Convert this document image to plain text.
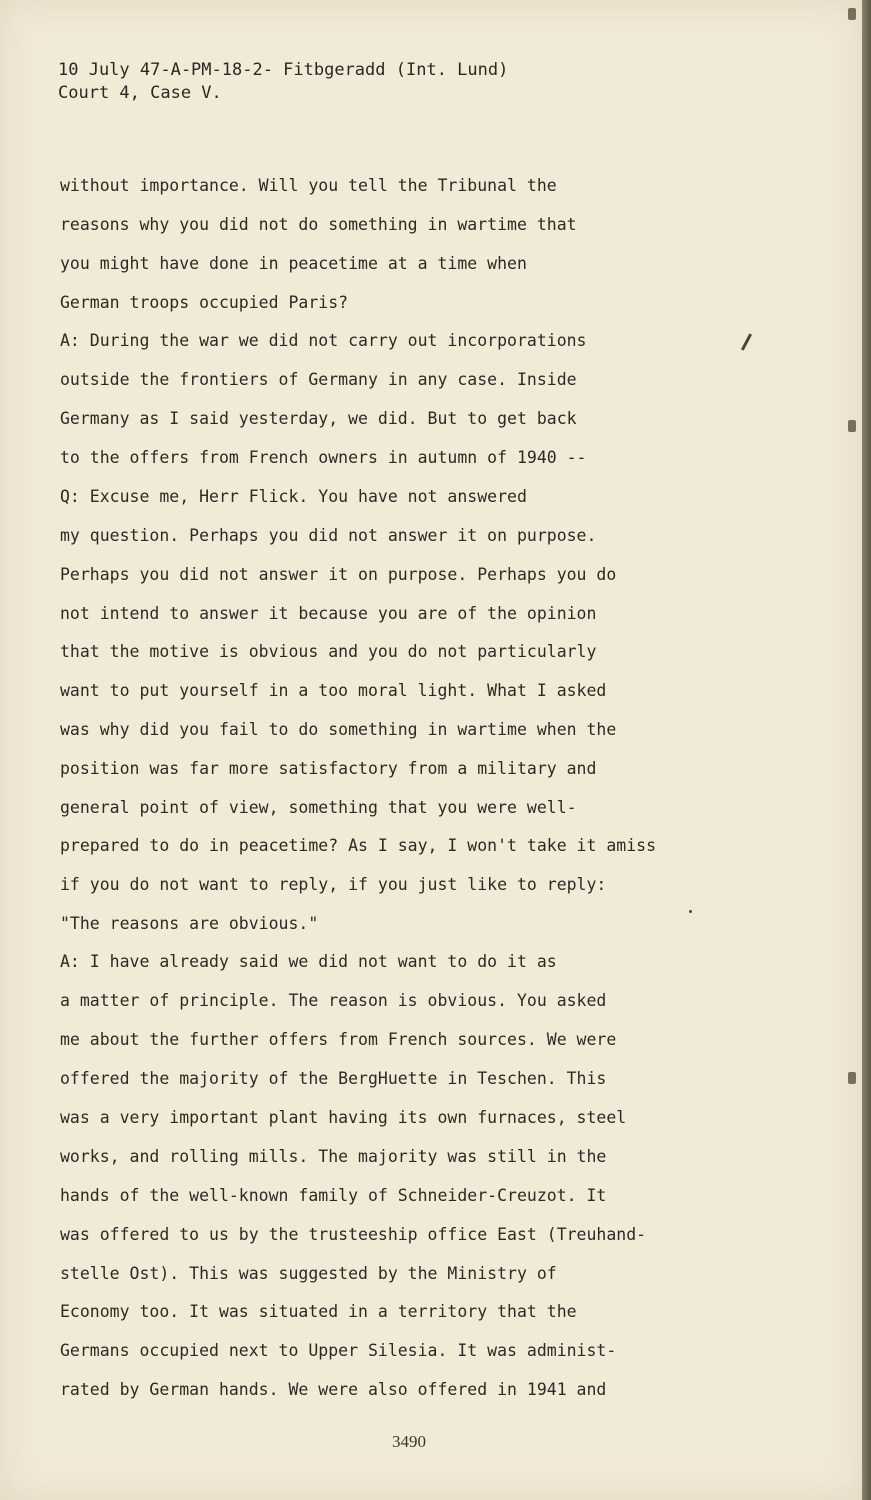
10 July 47-A-PM-18-2- Fitbgeradd (Int. Lund)
Court 4, Case V.
without importance. Will you tell the Tribunal the
reasons why you did not do something in wartime that
you might have done in peacetime at a time when
German troops occupied Paris?
A: During the war we did not carry out incorporations
outside the frontiers of Germany in any case. Inside
Germany as I said yesterday, we did. But to get back
to the offers from French owners in autumn of 1940 --
Q: Excuse me, Herr Flick. You have not answered
my question. Perhaps you did not answer it on purpose.
Perhaps you did not answer it on purpose. Perhaps you do
not intend to answer it because you are of the opinion
that the motive is obvious and you do not particularly
want to put yourself in a too moral light. What I asked
was why did you fail to do something in wartime when the
position was far more satisfactory from a military and
general point of view, something that you were well-
prepared to do in peacetime? As I say, I won't take it amiss
if you do not want to reply, if you just like to reply:
"The reasons are obvious."
A: I have already said we did not want to do it as
a matter of principle. The reason is obvious. You asked
me about the further offers from French sources. We were
offered the majority of the BergHuette in Teschen. This
was a very important plant having its own furnaces, steel
works, and rolling mills. The majority was still in the
hands of the well-known family of Schneider-Creuzot. It
was offered to us by the trusteeship office East (Treuhand-
stelle Ost). This was suggested by the Ministry of
Economy too. It was situated in a territory that the
Germans occupied next to Upper Silesia. It was administ-
rated by German hands. We were also offered in 1941 and
3490
